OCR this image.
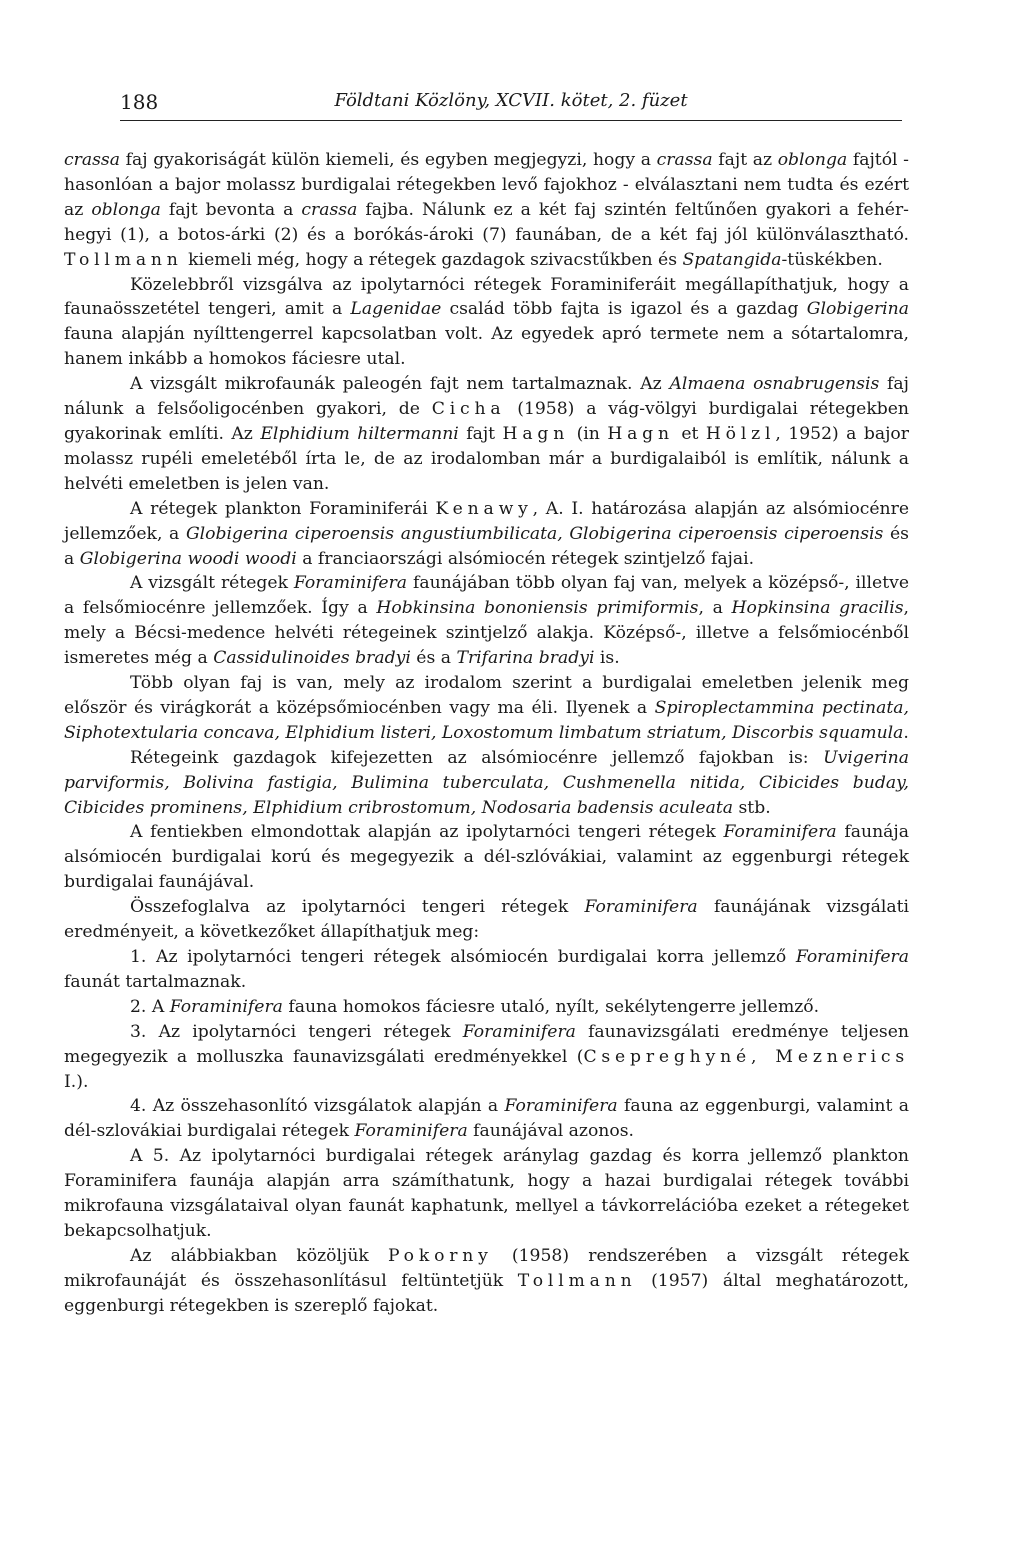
188	Földtani Közlöny, XCVII. kötet, 2. füzet

crassa faj gyakoriságát külön kiemeli, és egyben megjegyzi, hogy a crassa fajt az oblonga fajtól - hasonlóan a bajor molassz burdigalai rétegekben levő fajokhoz - elválasztani nem tudta és ezért az oblonga fajt bevonta a crassa fajba. Nálunk ez a két faj szintén feltűnően gyakori a fehér-hegyi (1), a botos-árki (2) és a borókás-ároki (7) faunában, de a két faj jól különválasztható. Tollmann kiemeli még, hogy a rétegek gazdagok szivacstűkben és Spatangida-tüskékben.

Közelebbről vizsgálva az ipolytarnóci rétegek Foraminiferáit megállapíthatjuk, hogy a faunaösszetétel tengeri, amit a Lagenidae család több fajta is igazol és a gazdag Globigerina fauna alapján nyílttengerrel kapcsolatban volt. Az egyedek apró termete nem a sótartalomra, hanem inkább a homokos fáciesre utal.

A vizsgált mikrofaunák paleogén fajt nem tartalmaznak. Az Almaena osnabrugensis faj nálunk a felsőoligocénben gyakori, de Cicha (1958) a vág-völgyi burdigalai rétegekben gyakorinak említi. Az Elphidium hiltermanni fajt Hagn (in Hagn et Hölzl, 1952) a bajor molassz rupéli emeletéből írta le, de az irodalomban már a burdigalaiból is említik, nálunk a helvéti emeletben is jelen van.

A rétegek plankton Foraminiferái Kenawy, A. I. határozása alapján az alsómiocénre jellemzőek, a Globigerina ciperoensis angustiumbilicata, Globigerina ciperoensis ciperoensis és a Globigerina woodi woodi a franciaországi alsómiocén rétegek szintjelző fajai.

A vizsgált rétegek Foraminifera faunájában több olyan faj van, melyek a középső-, illetve a felsőmiocénre jellemzőek. Így a Hobkinsina bononiensis primiformis, a Hopkinsina gracilis, mely a Bécsi-medence helvéti rétegeinek szintjelző alakja. Középső-, illetve a felsőmiocénből ismeretes még a Cassidulinoides bradyi és a Trifarina bradyi is.

Több olyan faj is van, mely az irodalom szerint a burdigalai emeletben jelenik meg először és virágkorát a középsőmiocénben vagy ma éli. Ilyenek a Spiroplectammina pectinata, Siphotextularia concava, Elphidium listeri, Loxostomum limbatum striatum, Discorbis squamula.

Rétegeink gazdagok kifejezetten az alsómiocénre jellemző fajokban is: Uvigerina parviformis, Bolivina fastigia, Bulimina tuberculata, Cushmenella nitida, Cibicides buday, Cibicides prominens, Elphidium cribrostomum, Nodosaria badensis aculeata stb.

A fentiekben elmondottak alapján az ipolytarnóci tengeri rétegek Foraminifera faunája alsómiocén burdigalai korú és megegyezik a dél-szlóvákiai, valamint az eggenburgi rétegek burdigalai faunájával.

Összefoglalva az ipolytarnóci tengeri rétegek Foraminifera faunájának vizsgálati eredményeit, a következőket állapíthatjuk meg:

1. Az ipolytarnóci tengeri rétegek alsómiocén burdigalai korra jellemző Foraminifera faunát tartalmaznak.

2. A Foraminifera fauna homokos fáciesre utaló, nyílt, sekélytengerre jellemző.

3. Az ipolytarnóci tengeri rétegek Foraminifera faunavizsgálati eredménye teljesen megegyezik a molluszka faunavizsgálati eredményekkel (Csepreghyné, Meznerics I.).

4. Az összehasonlító vizsgálatok alapján a Foraminifera fauna az eggenburgi, valamint a dél-szlovákiai burdigalai rétegek Foraminifera faunájával azonos.

A 5. Az ipolytarnóci burdigalai rétegek aránylag gazdag és korra jellemző plankton Foraminifera faunája alapján arra számíthatunk, hogy a hazai burdigalai rétegek további mikrofauna vizsgálataival olyan faunát kaphatunk, mellyel a távkorrelációba ezeket a rétegeket bekapcsolhatjuk.

Az alábbiakban közöljük Pokorny (1958) rendszerében a vizsgált rétegek mikrofaunáját és összehasonlításul feltüntetjük Tollmann (1957) által meghatározott, eggenburgi rétegekben is szereplő fajokat.
